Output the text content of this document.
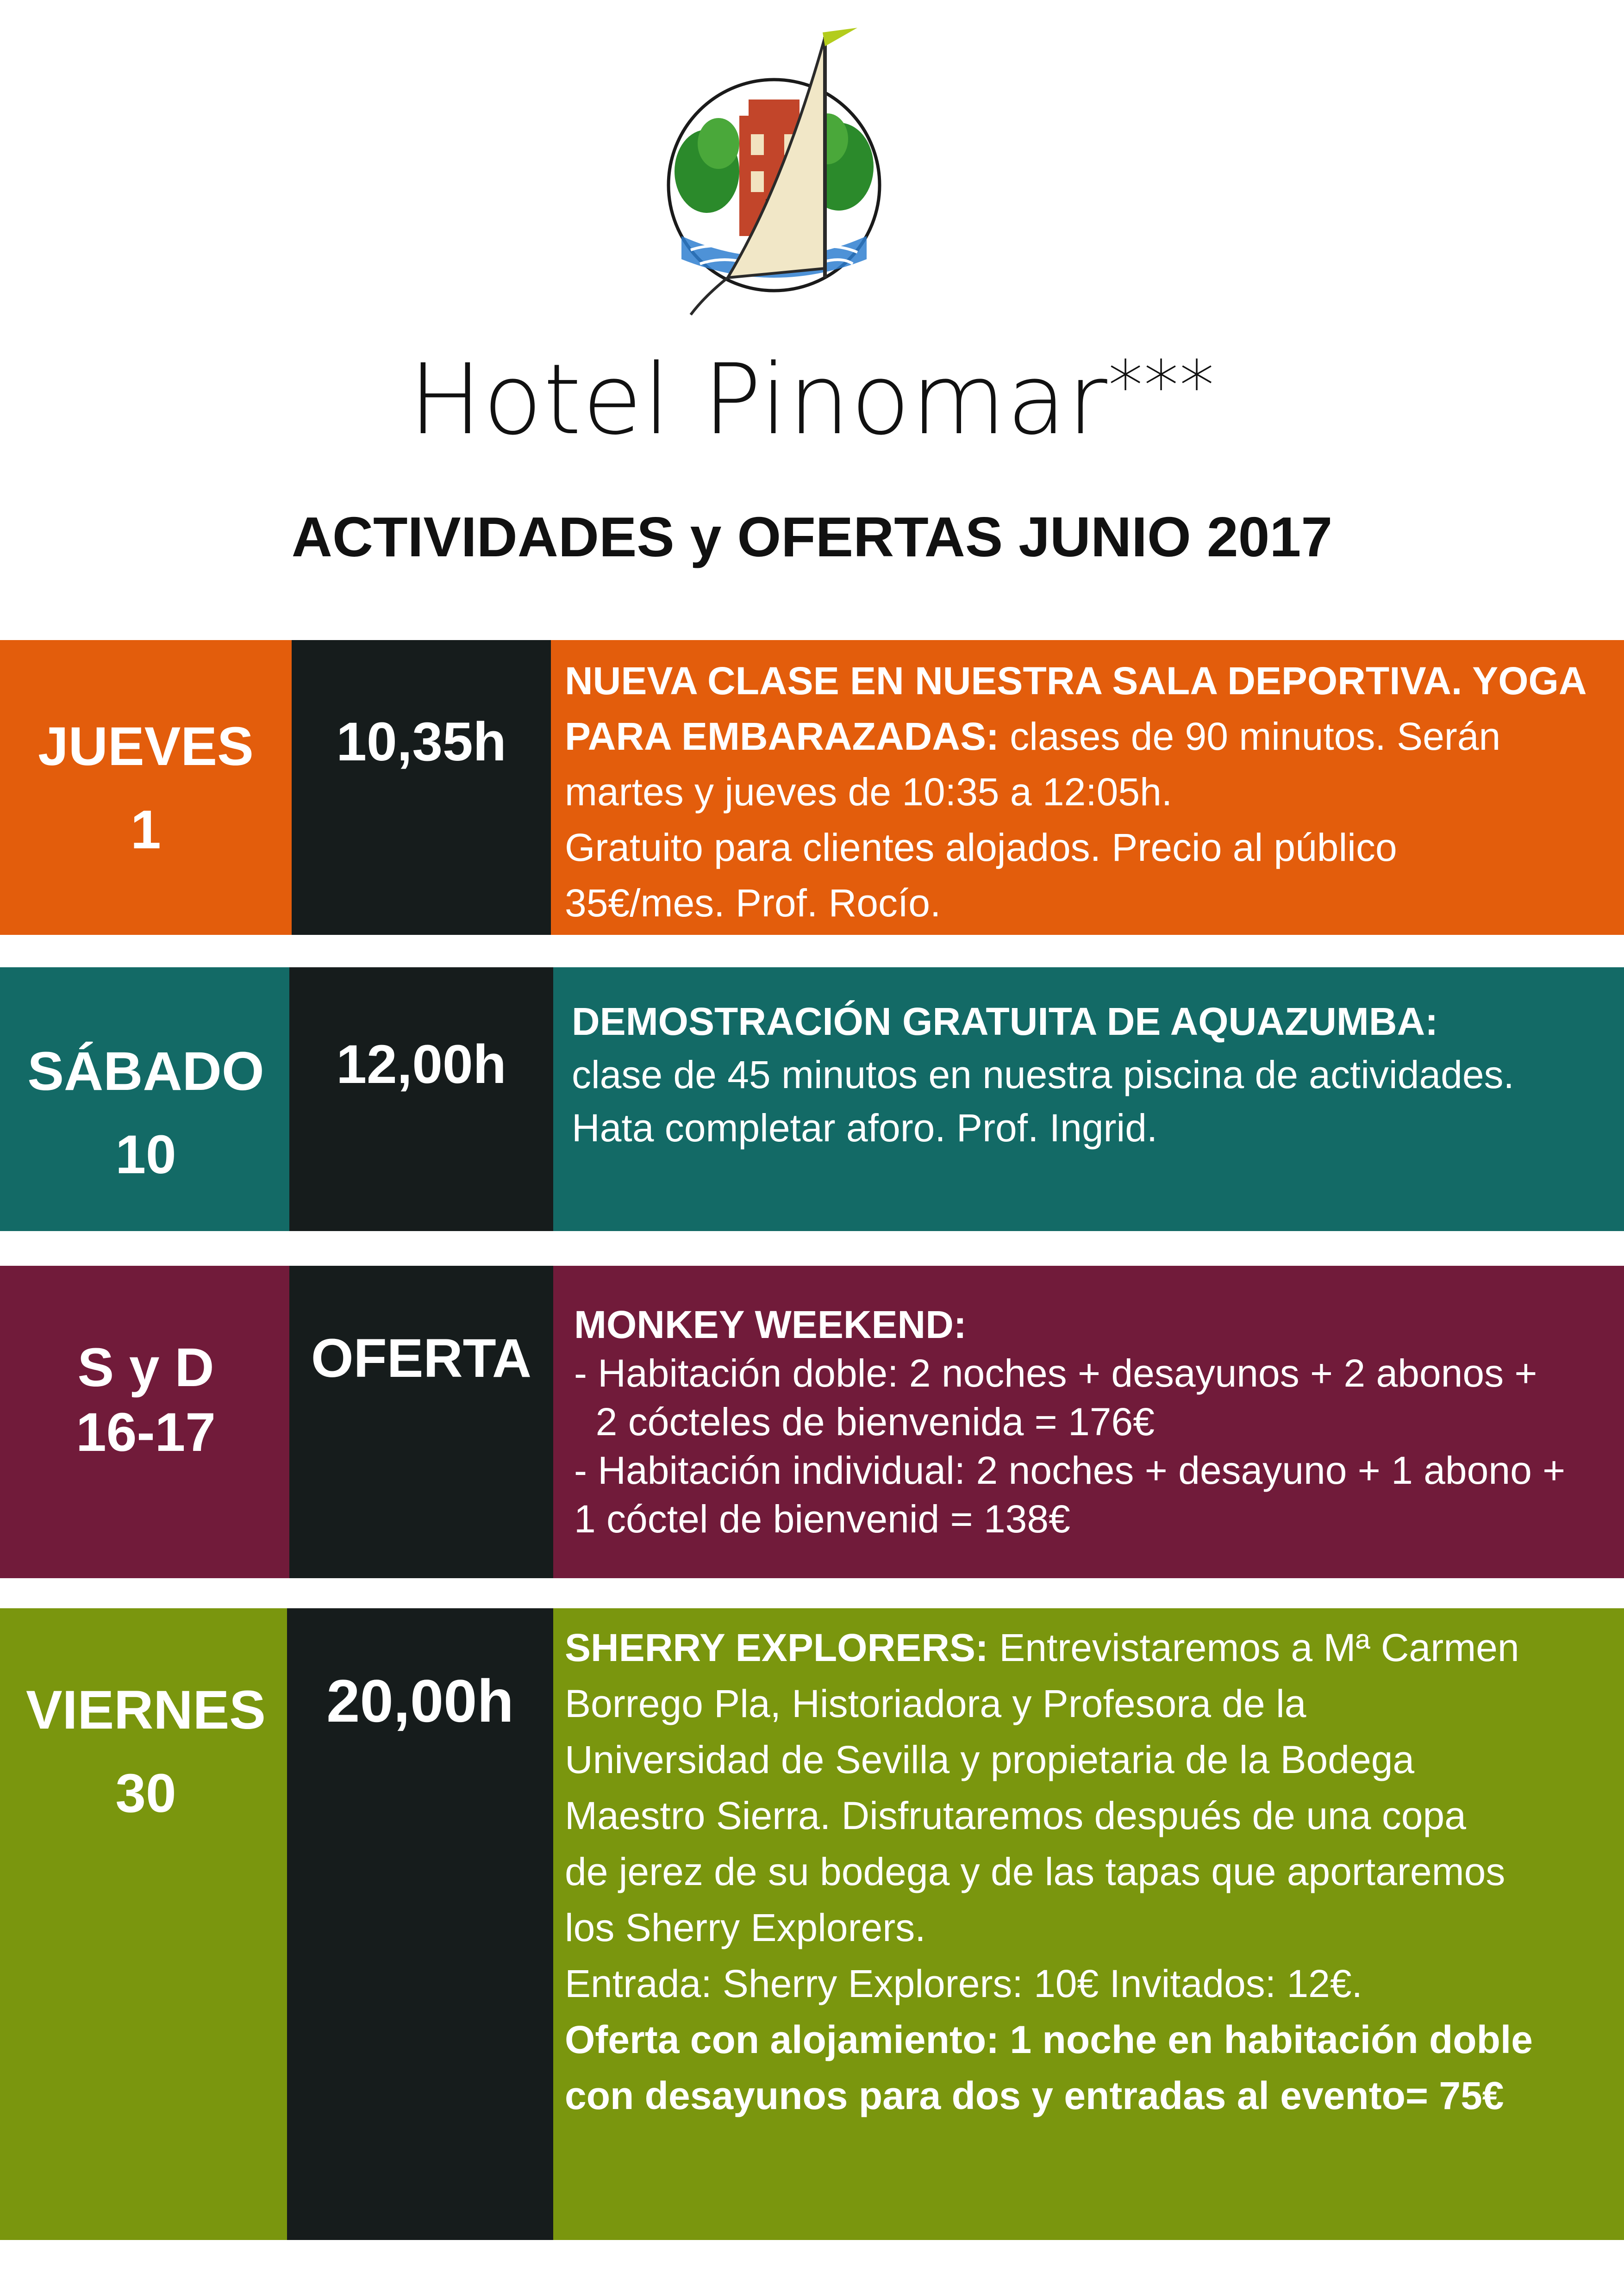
Hotel Pinomar***
ACTIVIDADES y OFERTAS JUNIO 2017
JUEVES
1
10,35h
NUEVA CLASE EN NUESTRA SALA DEPORTIVA. YOGA
PARA EMBARAZADAS: clases de 90 minutos. Serán
martes y jueves de 10:35 a 12:05h.
Gratuito para clientes alojados. Precio al público
35€/mes. Prof. Rocío.
SÁBADO
10
12,00h
DEMOSTRACIÓN GRATUITA DE AQUAZUMBA:
clase de 45 minutos en nuestra piscina de actividades.
Hata completar aforo. Prof. Ingrid.
S y D
16-17
OFERTA
MONKEY WEEKEND:
- Habitación doble: 2 noches + desayunos + 2 abonos +
2 cócteles de bienvenida = 176€
- Habitación individual: 2 noches + desayuno + 1 abono +
1 cóctel de bienvenid = 138€
VIERNES
30
20,00h
SHERRY EXPLORERS: Entrevistaremos a Mª Carmen
Borrego Pla, Historiadora y Profesora de la
Universidad de Sevilla y propietaria de la Bodega
Maestro Sierra. Disfrutaremos después de una copa
de jerez de su bodega y de las tapas que aportaremos
los Sherry Explorers.
Entrada: Sherry Explorers: 10€ Invitados: 12€.
Oferta con alojamiento: 1 noche en habitación doble
con desayunos para dos y entradas al evento= 75€
